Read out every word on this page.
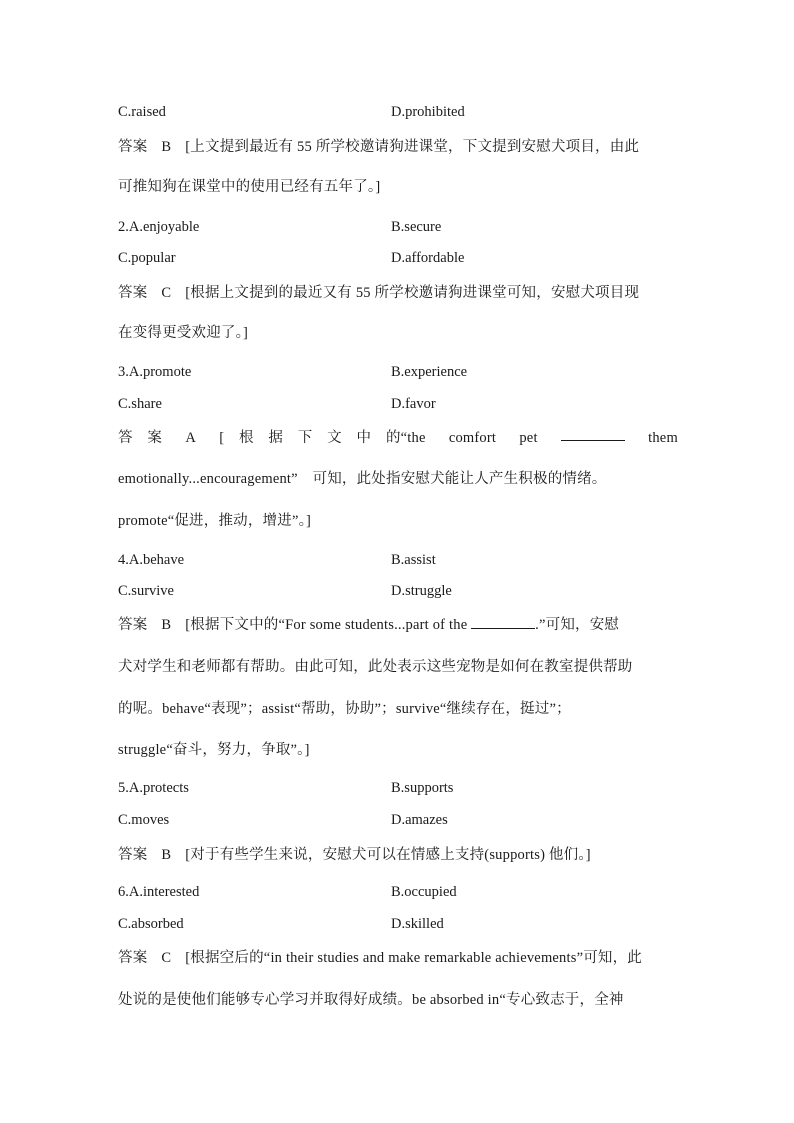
C.raised	D.prohibited
答案 B [上文提到最近有 55 所学校邀请狗进课堂，下文提到安慰犬项目，由此
可推知狗在课堂中的使用已经有五年了。]
2.A.enjoyable	B.secure
C.popular	D.affordable
答案 C [根据上文提到的最近又有 55 所学校邀请狗进课堂可知，安慰犬项目现
在变得更受欢迎了。]
3.A.promote	B.experience
C.share	D.favor
答　案 A [　根　据　下　文　中　的“the comfort pet	them
emotionally...encouragement”　可知，此处指安慰犬能让人产生积极的情绪。
promote“促进，推动，增进”。]
4.A.behave	B.assist
C.survive	D.struggle
答案 B [根据下文中的“For some students...part of the	.”可知，安慰
犬对学生和老师都有帮助。由此可知，此处表示这些宠物是如何在教室提供帮助
的呢。behave“表现”；assist“帮助，协助”；survive“继续存在，挺过”；
struggle“奋斗，努力，争取”。]
5.A.protects	B.supports
C.moves	D.amazes
答案 B [对于有些学生来说，安慰犬可以在情感上支持(supports) 他们。]
6.A.interested	B.occupied
C.absorbed	D.skilled
答案 C [根据空后的“in their studies and make remarkable achievements”可知，此
处说的是使他们能够专心学习并取得好成绩。be absorbed in“专心致志于，全神
